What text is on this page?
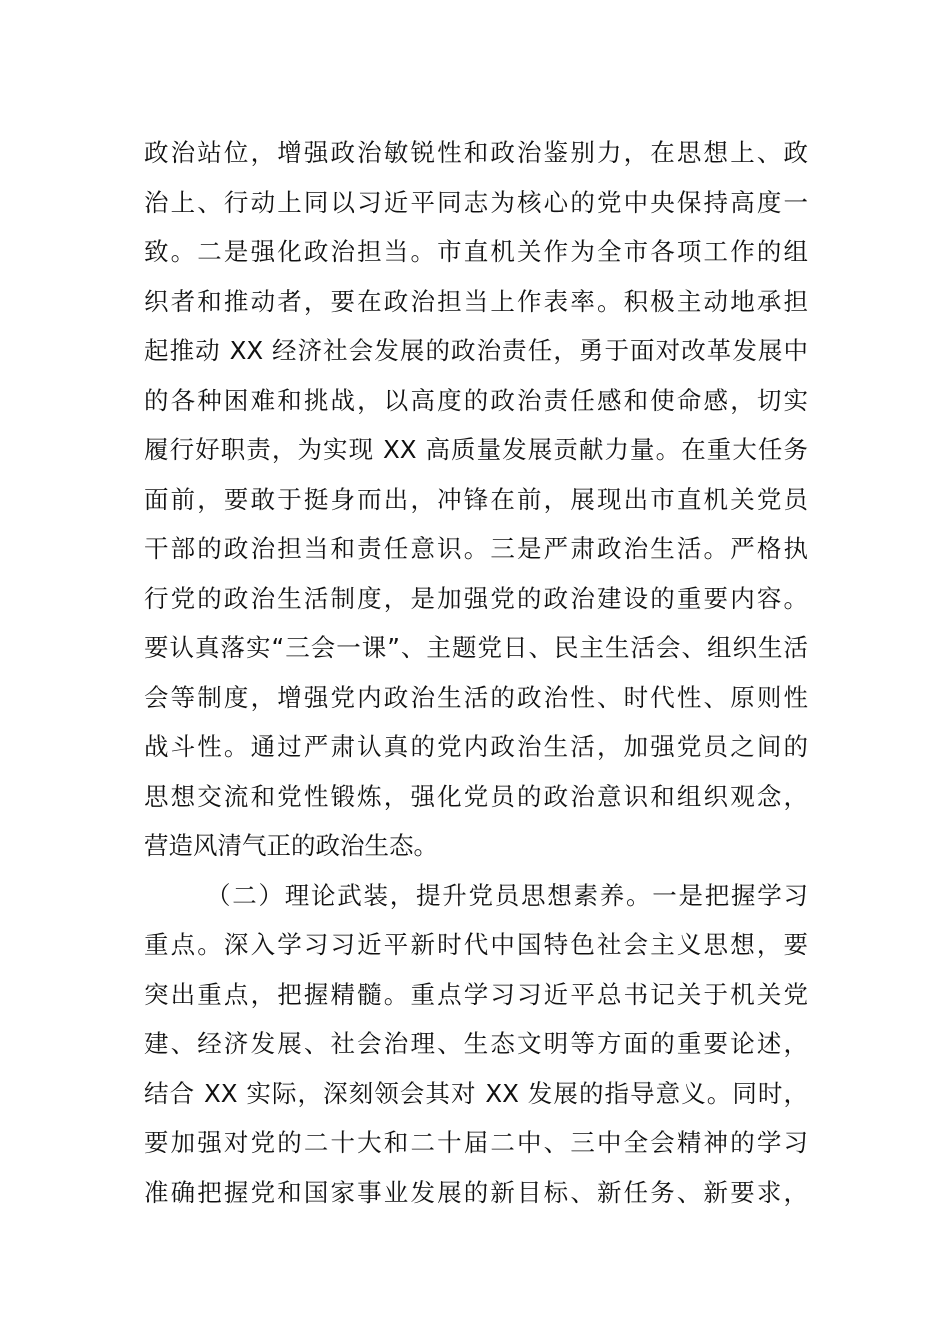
政治站位，增强政治敏锐性和政治鉴别力，在思想上、政
治上、行动上同以习近平同志为核心的党中央保持高度一
致。二是强化政治担当。市直机关作为全市各项工作的组
织者和推动者，要在政治担当上作表率。积极主动地承担
起推动 XX 经济社会发展的政治责任，勇于面对改革发展中
的各种困难和挑战，以高度的政治责任感和使命感，切实
履行好职责，为实现 XX 高质量发展贡献力量。在重大任务
面前，要敢于挺身而出，冲锋在前，展现出市直机关党员
干部的政治担当和责任意识。三是严肃政治生活。严格执
行党的政治生活制度，是加强党的政治建设的重要内容。
要认真落实“三会一课”、主题党日、民主生活会、组织生活
会等制度，增强党内政治生活的政治性、时代性、原则性
战斗性。通过严肃认真的党内政治生活，加强党员之间的
思想交流和党性锻炼，强化党员的政治意识和组织观念，
营造风清气正的政治生态。
（二）理论武装，提升党员思想素养。一是把握学习
重点。深入学习习近平新时代中国特色社会主义思想，要
突出重点，把握精髓。重点学习习近平总书记关于机关党
建、经济发展、社会治理、生态文明等方面的重要论述，
结合 XX 实际，深刻领会其对 XX 发展的指导意义。同时，
要加强对党的二十大和二十届二中、三中全会精神的学习
准确把握党和国家事业发展的新目标、新任务、新要求，
